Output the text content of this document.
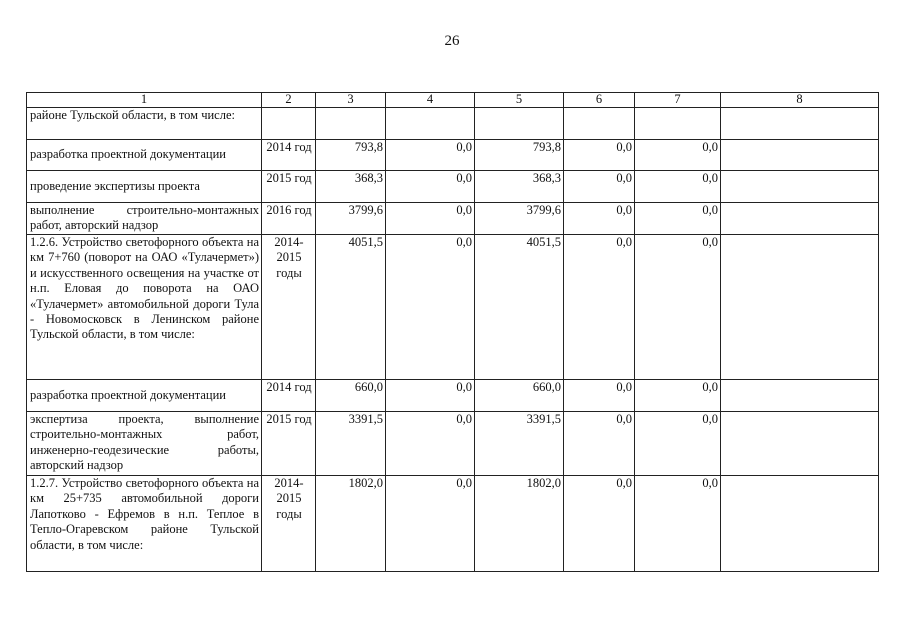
26
1	2	3	4	5	6	7	8
районе Тульской области, в том числе:							
разработка проектной документации	2014 год	793,8	0,0	793,8	0,0	0,0	
проведение экспертизы проекта	2015 год	368,3	0,0	368,3	0,0	0,0	
выполнение строительно-монтажных работ, авторский надзор	2016 год	3799,6	0,0	3799,6	0,0	0,0	
1.2.6. Устройство светофорного объекта на км 7+760 (поворот на ОАО «Тулачермет») и искусственного освещения на участке от н.п. Еловая до поворота на ОАО «Тулачермет» автомобильной дороги Тула - Новомосковск в Ленинском районе Тульской области, в том числе:	2014-2015 годы	4051,5	0,0	4051,5	0,0	0,0	
разработка проектной документации	2014 год	660,0	0,0	660,0	0,0	0,0	
экспертиза проекта, выполнение строительно-монтажных работ, инженерно-геодезические работы, авторский надзор	2015 год	3391,5	0,0	3391,5	0,0	0,0	
1.2.7. Устройство светофорного объекта на км 25+735 автомобильной дороги Лапотково - Ефремов в н.п. Теплое в Тепло-Огаревском районе Тульской области, в том числе:	2014-2015 годы	1802,0	0,0	1802,0	0,0	0,0	
